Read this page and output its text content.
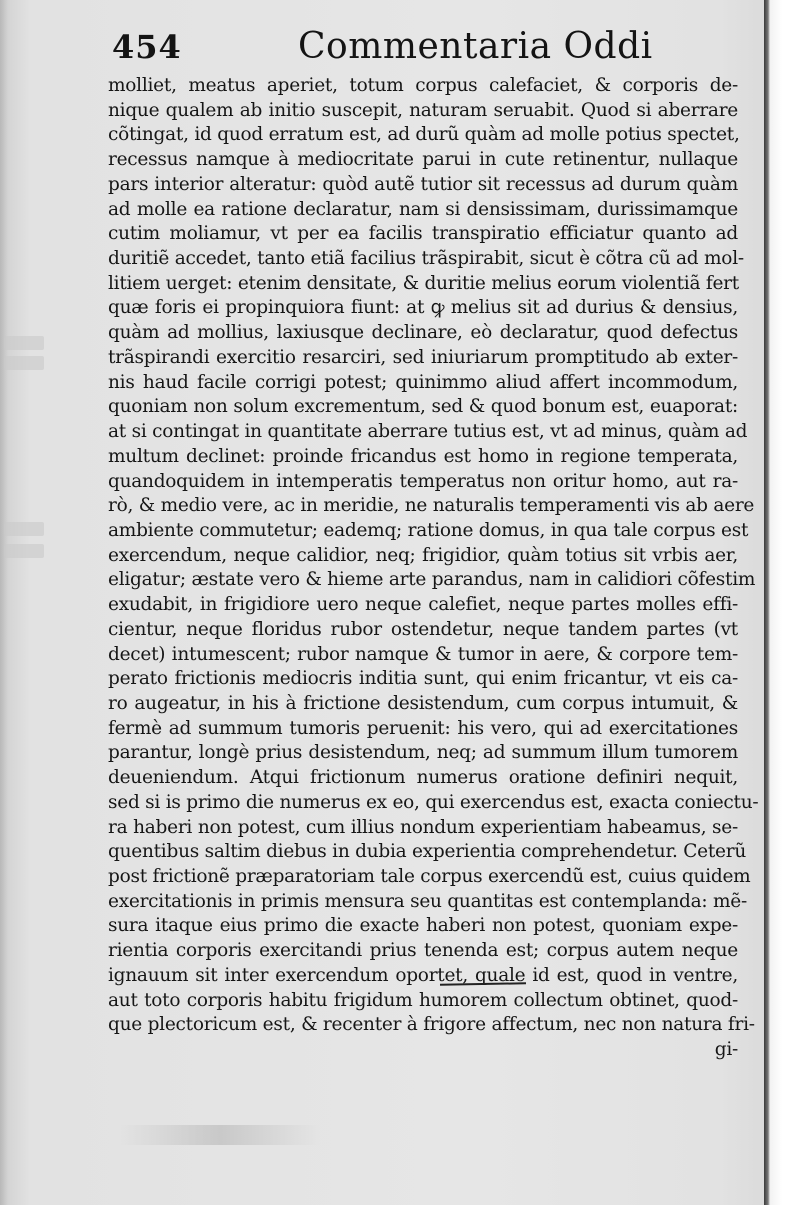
454	Commentaria Oddi
molliet, meatus aperiet, totum corpus calefaciet, & corporis de-
nique qualem ab initio suscepit, naturam seruabit. Quod si aberrare
cõtingat, id quod erratum est, ad durũ quàm ad molle potius spectet,
recessus namque à mediocritate parui in cute retinentur, nullaque
pars interior alteratur: quòd autẽ tutior sit recessus ad durum quàm
ad molle ea ratione declaratur, nam si densissimam, durissimamque
cutim moliamur, vt per ea facilis transpiratio efficiatur quanto ad
duritiẽ accedet, tanto etiã facilius trãspirabit, sicut è cõtra cũ ad mol-
litiem uerget: etenim densitate, & duritie melius eorum violentiã fert
quæ foris ei propinquiora fiunt: at ꝙ melius sit ad durius & densius,
quàm ad mollius, laxiusque declinare, eò declaratur, quod defectus
trãspirandi exercitio resarciri, sed iniuriarum promptitudo ab exter-
nis haud facile corrigi potest; quinimmo aliud affert incommodum,
quoniam non solum excrementum, sed & quod bonum est, euaporat:
at si contingat in quantitate aberrare tutius est, vt ad minus, quàm ad
multum declinet: proinde fricandus est homo in regione temperata,
quandoquidem in intemperatis temperatus non oritur homo, aut ra-
rò, & medio vere, ac in meridie, ne naturalis temperamenti vis ab aere
ambiente commutetur; eademq; ratione domus, in qua tale corpus est
exercendum, neque calidior, neq; frigidior, quàm totius sit vrbis aer,
eligatur; æstate vero & hieme arte parandus, nam in calidiori cõfestim
exudabit, in frigidiore uero neque calefiet, neque partes molles effi-
cientur, neque floridus rubor ostendetur, neque tandem partes (vt
decet) intumescent; rubor namque & tumor in aere, & corpore tem-
perato frictionis mediocris inditia sunt, qui enim fricantur, vt eis ca-
ro augeatur, in his à frictione desistendum, cum corpus intumuit, &
fermè ad summum tumoris peruenit: his vero, qui ad exercitationes
parantur, longè prius desistendum, neq; ad summum illum tumorem
deueniendum. Atqui frictionum numerus oratione definiri nequit,
sed si is primo die numerus ex eo, qui exercendus est, exacta coniectu-
ra haberi non potest, cum illius nondum experientiam habeamus, se-
quentibus saltim diebus in dubia experientia comprehendetur. Ceterũ
post frictionẽ præparatoriam tale corpus exercendũ est, cuius quidem
exercitationis in primis mensura seu quantitas est contemplanda: mẽ-
sura itaque eius primo die exacte haberi non potest, quoniam expe-
rientia corporis exercitandi prius tenenda est; corpus autem neque
ignauum sit inter exercendum oportet, quale id est, quod in ventre,
aut toto corporis habitu frigidum humorem collectum obtinet, quod-
que plectoricum est, & recenter à frigore affectum, nec non natura fri-
gi-
